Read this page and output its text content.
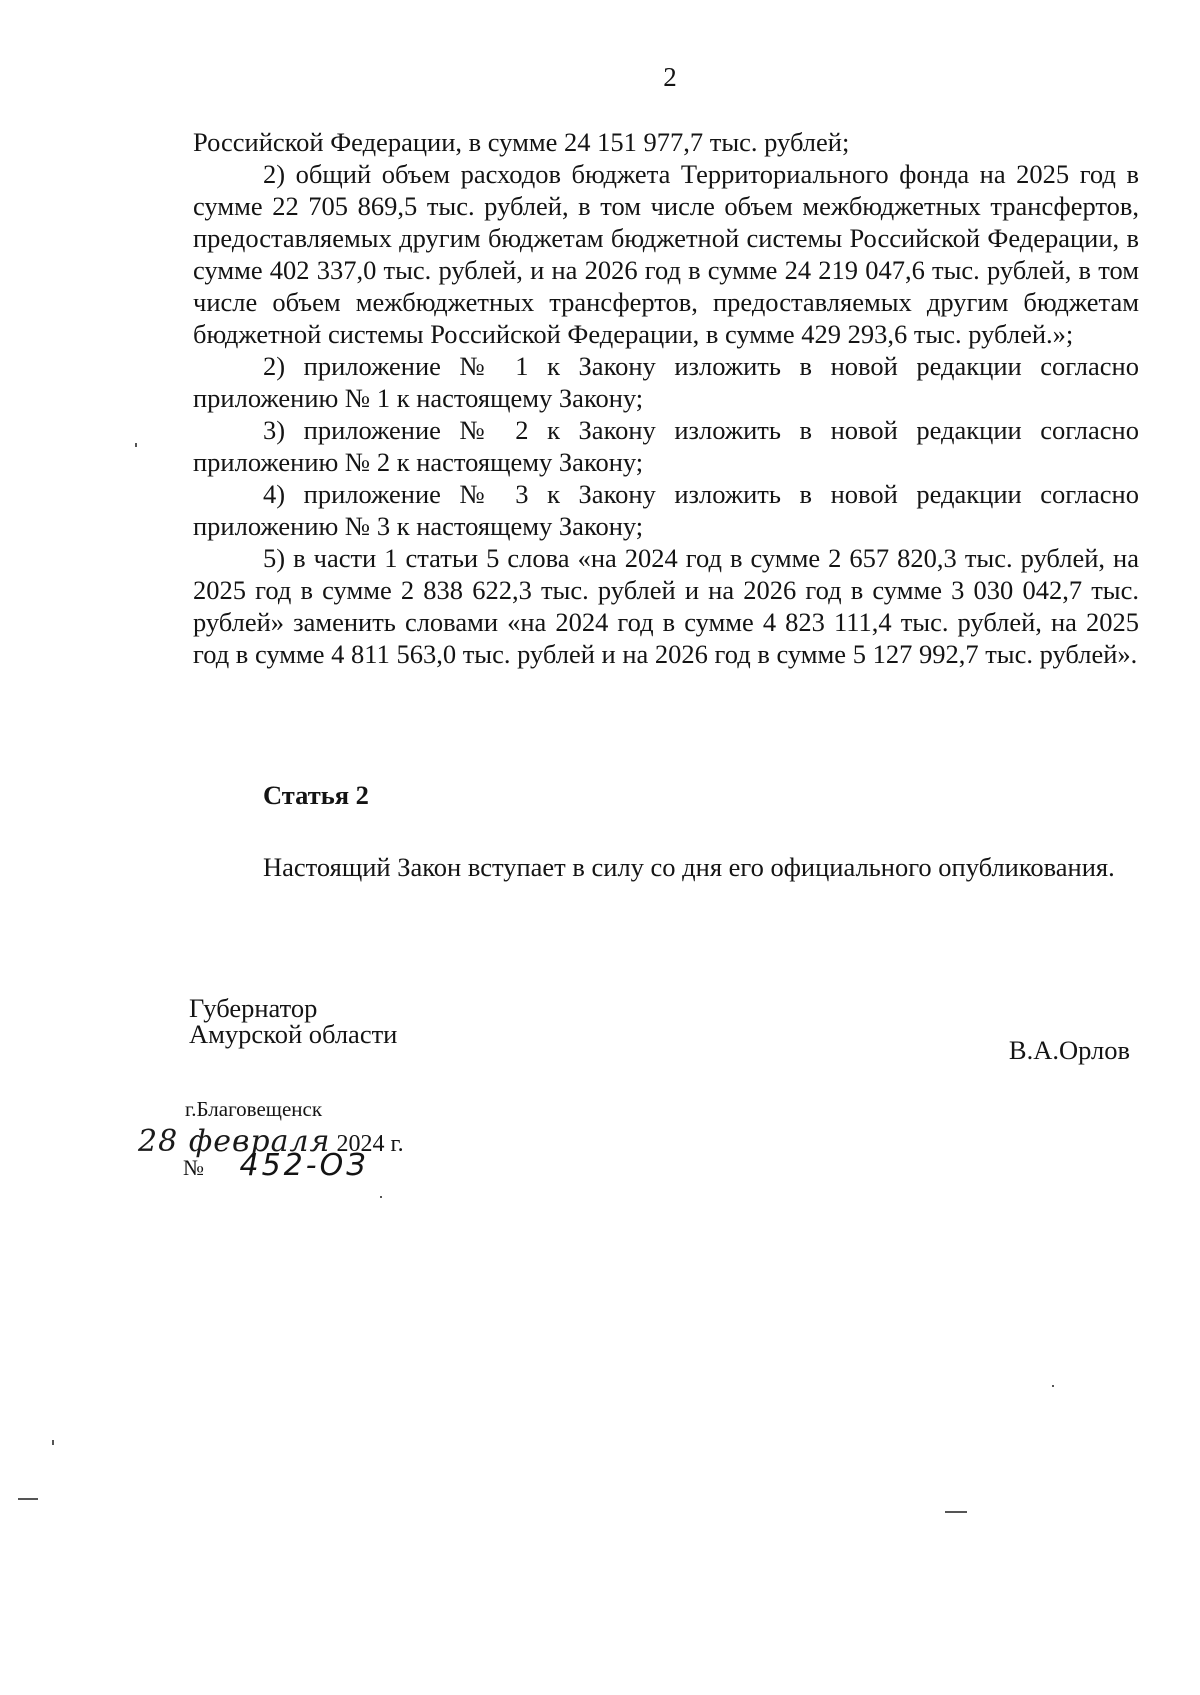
2

Российской Федерации, в сумме 24 151 977,7 тыс. рублей;

2) общий объем расходов бюджета Территориального фонда на 2025 год в сумме 22 705 869,5 тыс. рублей, в том числе объем межбюджетных трансфертов, предоставляемых другим бюджетам бюджетной системы Российской Федерации, в сумме 402 337,0 тыс. рублей, и на 2026 год в сумме 24 219 047,6 тыс. рублей, в том числе объем межбюджетных трансфертов, предоставляемых другим бюджетам бюджетной системы Российской Федерации, в сумме 429 293,6 тыс. рублей.»;

2) приложение № 1 к Закону изложить в новой редакции согласно приложению № 1 к настоящему Закону;

3) приложение № 2 к Закону изложить в новой редакции согласно приложению № 2 к настоящему Закону;

4) приложение № 3 к Закону изложить в новой редакции согласно приложению № 3 к настоящему Закону;

5) в части 1 статьи 5 слова «на 2024 год в сумме 2 657 820,3 тыс. рублей, на 2025 год в сумме 2 838 622,3 тыс. рублей и на 2026 год в сумме 3 030 042,7 тыс. рублей» заменить словами «на 2024 год в сумме 4 823 111,4 тыс. рублей, на 2025 год в сумме 4 811 563,0 тыс. рублей и на 2026 год в сумме 5 127 992,7 тыс. рублей».

Статья 2

Настоящий Закон вступает в силу со дня его официального опубликования.

Губернатор
Амурской области
В.А.Орлов
г.Благовещенск
28 февраля 2024 г.
№ 452-ОЗ
